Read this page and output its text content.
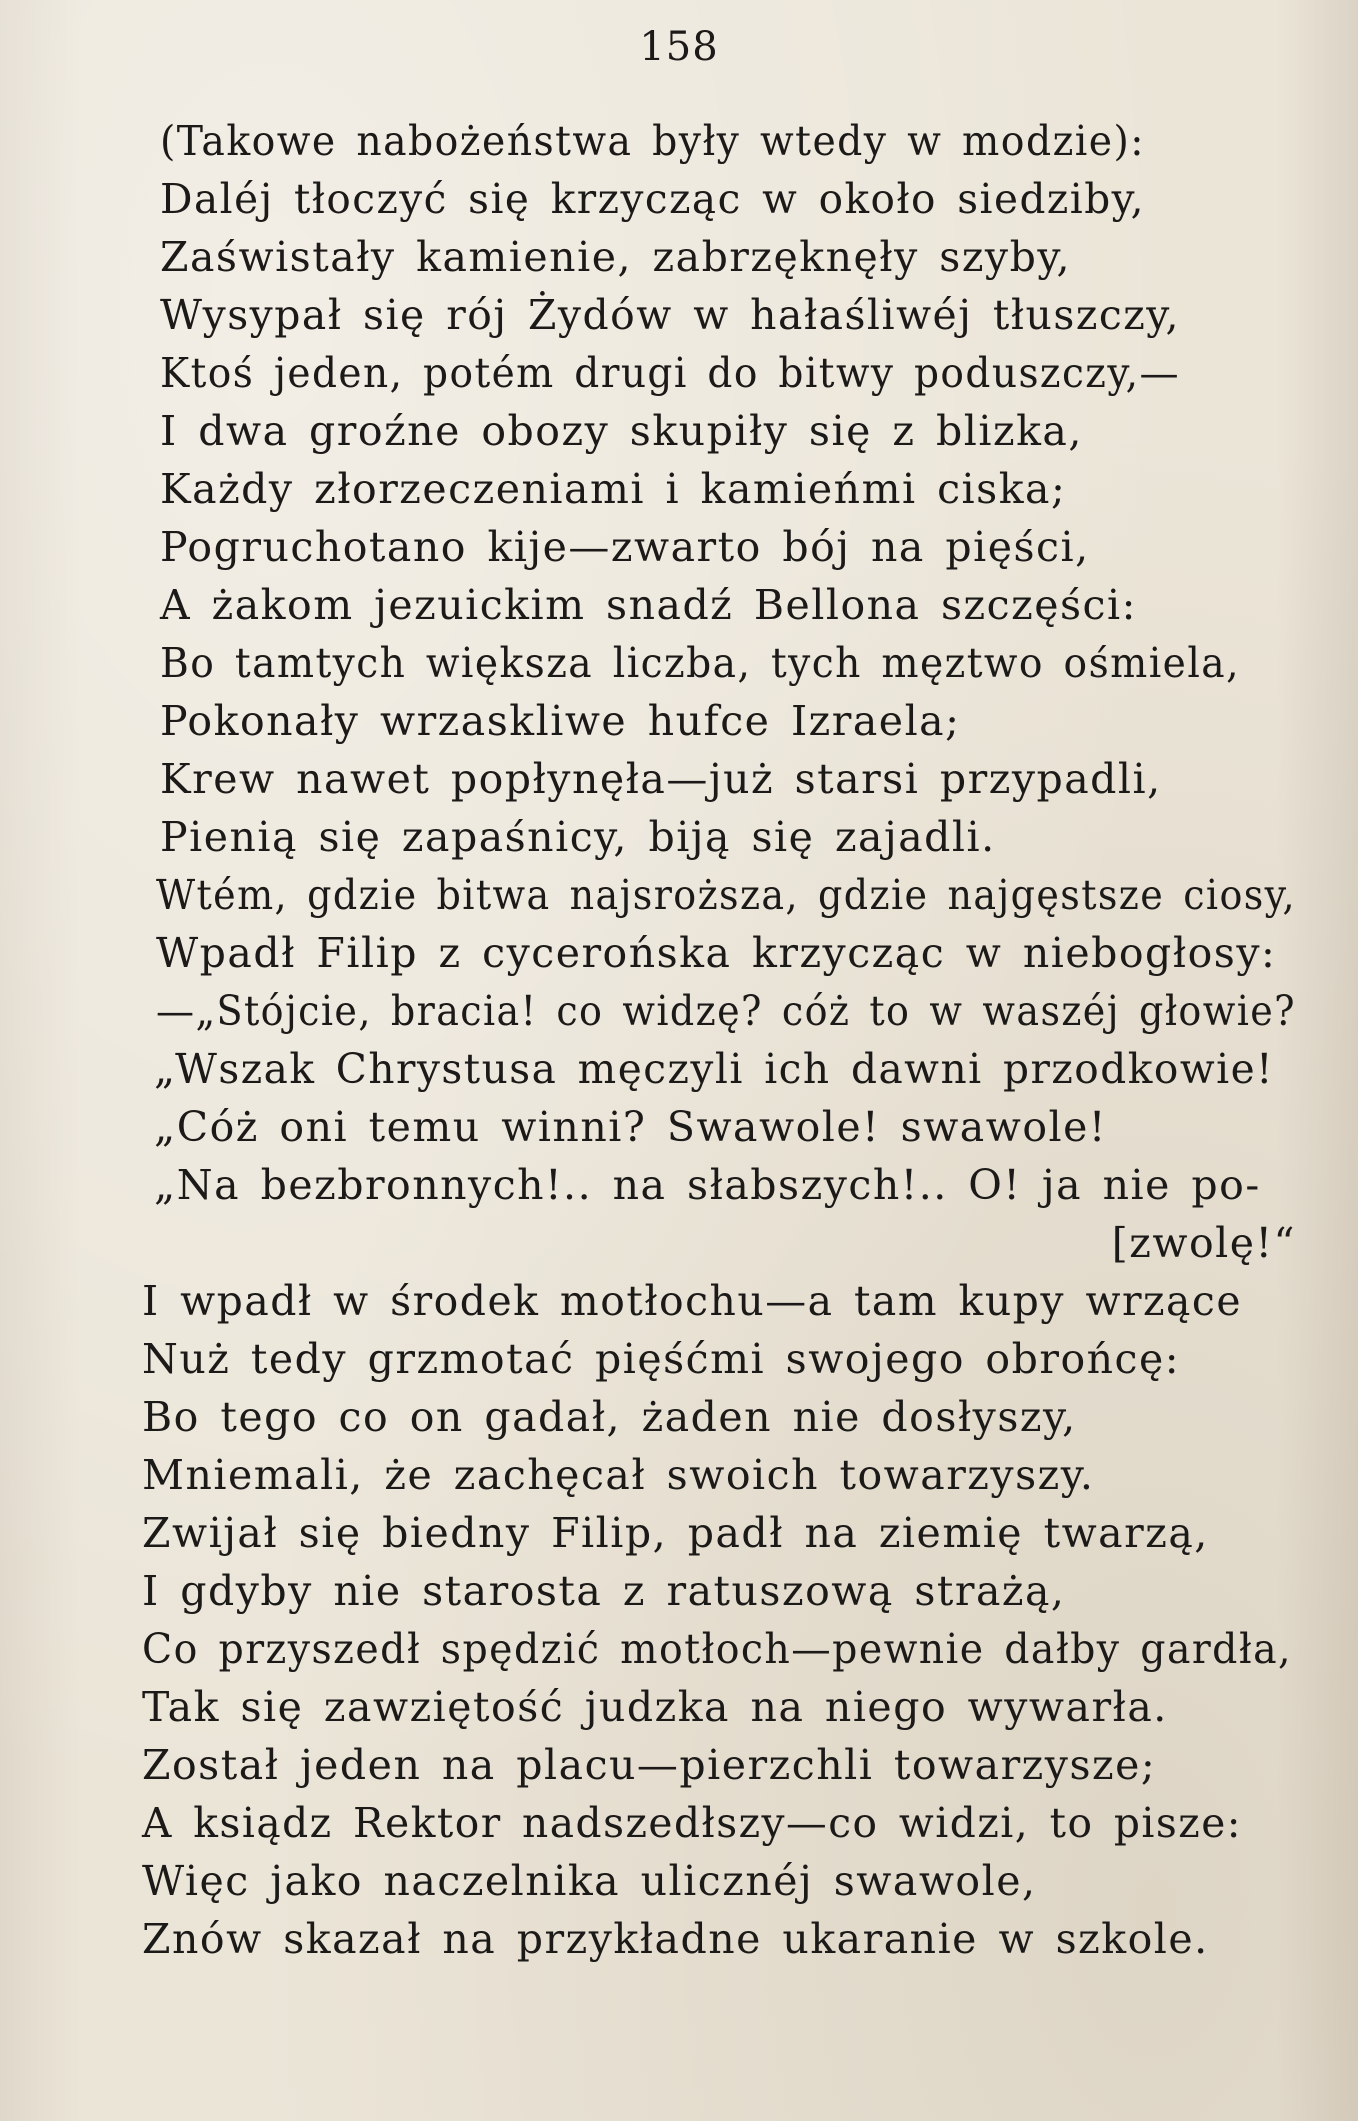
158
(Takowe nabożeństwa były wtedy w modzie):
Daléj tłoczyć się krzycząc w około siedziby,
Zaświstały kamienie, zabrzęknęły szyby,
Wysypał się rój Żydów w hałaśliwéj tłuszczy,
Ktoś jeden, potém drugi do bitwy poduszczy,—
I dwa groźne obozy skupiły się z blizka,
Każdy złorzeczeniami i kamieńmi ciska;
Pogruchotano kije—zwarto bój na pięści,
A żakom jezuickim snadź Bellona szczęści:
Bo tamtych większa liczba, tych męztwo ośmiela,
Pokonały wrzaskliwe hufce Izraela;
Krew nawet popłynęła—już starsi przypadli,
Pienią się zapaśnicy, biją się zajadli.
Wtém, gdzie bitwa najsroższa, gdzie najgęstsze ciosy,
Wpadł Filip z cycerońska krzycząc w niebogłosy:
—„Stójcie, bracia! co widzę? cóż to w waszéj głowie?
„Wszak Chrystusa męczyli ich dawni przodkowie!
„Cóż oni temu winni? Swawole! swawole!
„Na bezbronnych!.. na słabszych!.. O! ja nie po-
[zwolę!“
I wpadł w środek motłochu—a tam kupy wrzące
Nuż tedy grzmotać pięśćmi swojego obrońcę:
Bo tego co on gadał, żaden nie dosłyszy,
Mniemali, że zachęcał swoich towarzyszy.
Zwijał się biedny Filip, padł na ziemię twarzą,
I gdyby nie starosta z ratuszową strażą,
Co przyszedł spędzić motłoch—pewnie dałby gardła,
Tak się zawziętość judzka na niego wywarła.
Został jeden na placu—pierzchli towarzysze;
A ksiądz Rektor nadszedłszy—co widzi, to pisze:
Więc jako naczelnika ulicznéj swawole,
Znów skazał na przykładne ukaranie w szkole.
